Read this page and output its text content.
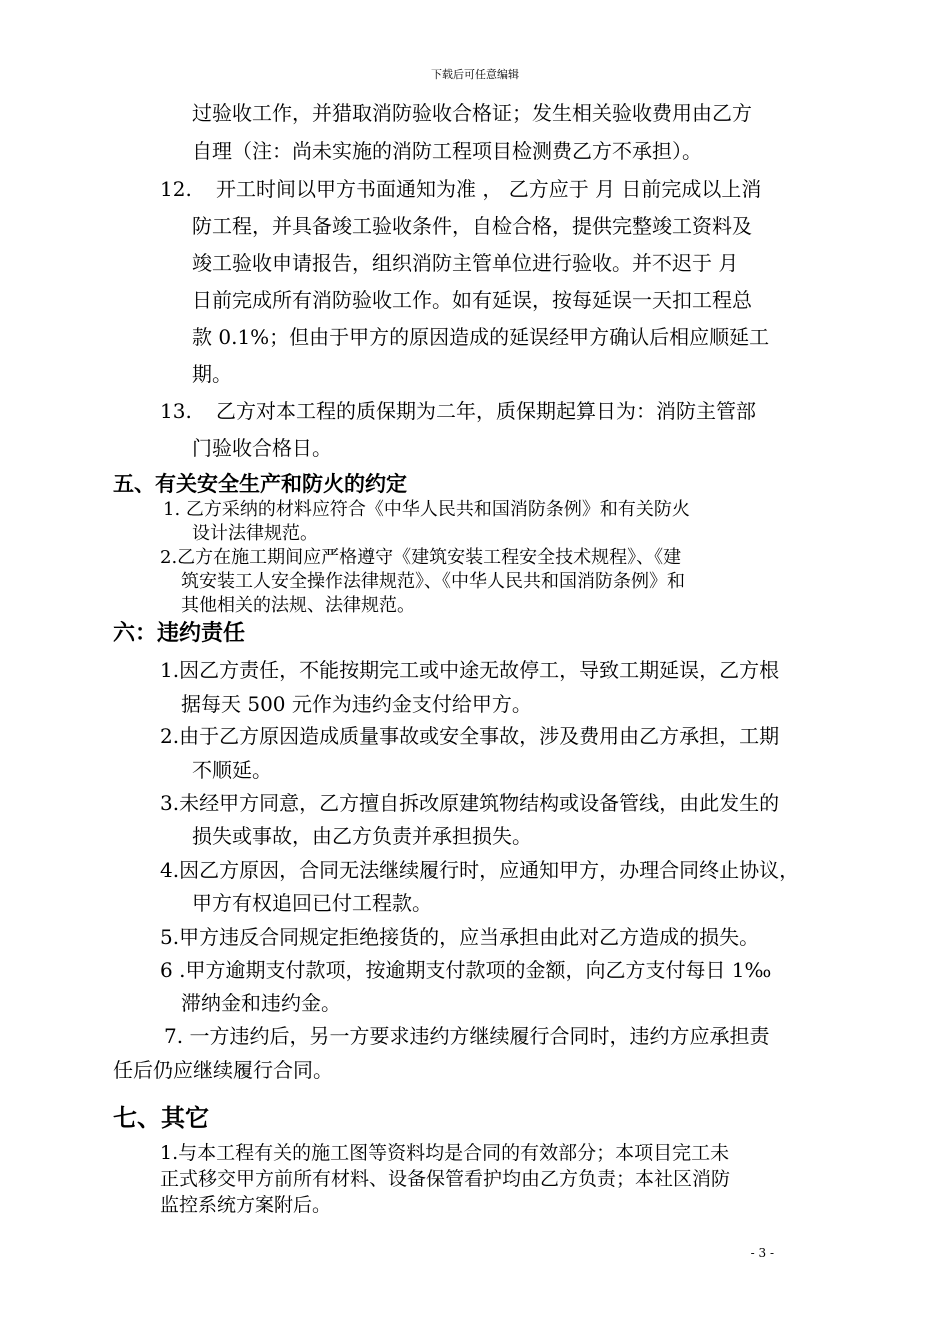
下载后可任意编辑
过验收工作，并猎取消防验收合格证；发生相关验收费用由乙方
自理（注：尚未实施的消防工程项目检测费乙方不承担）。
12. 开工时间以甲方书面通知为准 ， 乙方应于 月 日前完成以上消
防工程，并具备竣工验收条件，自检合格，提供完整竣工资料及
竣工验收申请报告，组织消防主管单位进行验收。并不迟于 月
日前完成所有消防验收工作。如有延误，按每延误一天扣工程总
款 0.1%；但由于甲方的原因造成的延误经甲方确认后相应顺延工
期。
13. 乙方对本工程的质保期为二年，质保期起算日为：消防主管部
门验收合格日。
五、有关安全生产和防火的约定
1. 乙方采纳的材料应符合《中华人民共和国消防条例》和有关防火
设计法律规范。
2.乙方在施工期间应严格遵守《建筑安装工程安全技术规程》、《建
筑安装工人安全操作法律规范》、《中华人民共和国消防条例》和
其他相关的法规、法律规范。
六：违约责任
1.因乙方责任，不能按期完工或中途无故停工，导致工期延误，乙方根
据每天 500 元作为违约金支付给甲方。
2.由于乙方原因造成质量事故或安全事故，涉及费用由乙方承担，工期
不顺延。
3.未经甲方同意，乙方擅自拆改原建筑物结构或设备管线，由此发生的
损失或事故，由乙方负责并承担损失。
4.因乙方原因，合同无法继续履行时，应通知甲方，办理合同终止协议，
甲方有权追回已付工程款。
5.甲方违反合同规定拒绝接货的，应当承担由此对乙方造成的损失。
6 .甲方逾期支付款项，按逾期支付款项的金额，向乙方支付每日 1‰
滞纳金和违约金。
7. 一方违约后，另一方要求违约方继续履行合同时，违约方应承担责
任后仍应继续履行合同。
七、其它
1.与本工程有关的施工图等资料均是合同的有效部分；本项目完工未
正式移交甲方前所有材料、设备保管看护均由乙方负责；本社区消防
监控系统方案附后。
- 3 -
